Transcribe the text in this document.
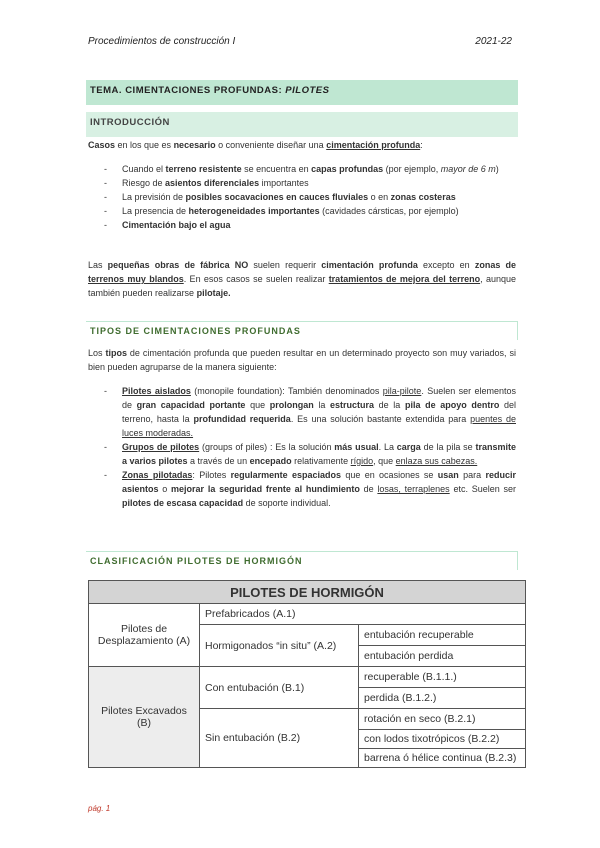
Procedimientos de construcción I	2021-22
TEMA. CIMENTACIONES PROFUNDAS: PILOTES
INTRODUCCIÓN
Casos en los que es necesario o conveniente diseñar una cimentación profunda:
- Cuando el terreno resistente se encuentra en capas profundas (por ejemplo, mayor de 6 m)
- Riesgo de asientos diferenciales importantes
- La previsión de posibles socavaciones en cauces fluviales o en zonas costeras
- La presencia de heterogeneidades importantes (cavidades cársticas, por ejemplo)
- Cimentación bajo el agua
Las pequeñas obras de fábrica NO suelen requerir cimentación profunda excepto en zonas de terrenos muy blandos. En esos casos se suelen realizar tratamientos de mejora del terreno, aunque también pueden realizarse pilotaje.
TIPOS DE CIMENTACIONES PROFUNDAS
Los tipos de cimentación profunda que pueden resultar en un determinado proyecto son muy variados, si bien pueden agruparse de la manera siguiente:
- Pilotes aislados (monopile foundation): También denominados pila-pilote. Suelen ser elementos de gran capacidad portante que prolongan la estructura de la pila de apoyo dentro del terreno, hasta la profundidad requerida. Es una solución bastante extendida para puentes de luces moderadas.
- Grupos de pilotes (groups of piles) : Es la solución más usual. La carga de la pila se transmite a varios pilotes a través de un encepado relativamente rígido, que enlaza sus cabezas.
- Zonas pilotadas: Pilotes regularmente espaciados que en ocasiones se usan para reducir asientos o mejorar la seguridad frente al hundimiento de losas, terraplenes etc. Suelen ser pilotes de escasa capacidad de soporte individual.
CLASIFICACIÓN PILOTES DE HORMIGÓN
PILOTES DE HORMIGÓN		
Pilotes de Desplazamiento (A)	Prefabricados (A.1)	
	Hormigonados “in situ” (A.2)	entubación recuperable
		entubación perdida
Pilotes Excavados (B)	Con entubación (B.1)	recuperable (B.1.1.)
		perdida (B.1.2.)
	Sin entubación (B.2)	rotación en seco (B.2.1)
		con lodos tixotrópicos (B.2.2)
		barrena ó hélice continua (B.2.3)
pág. 1
